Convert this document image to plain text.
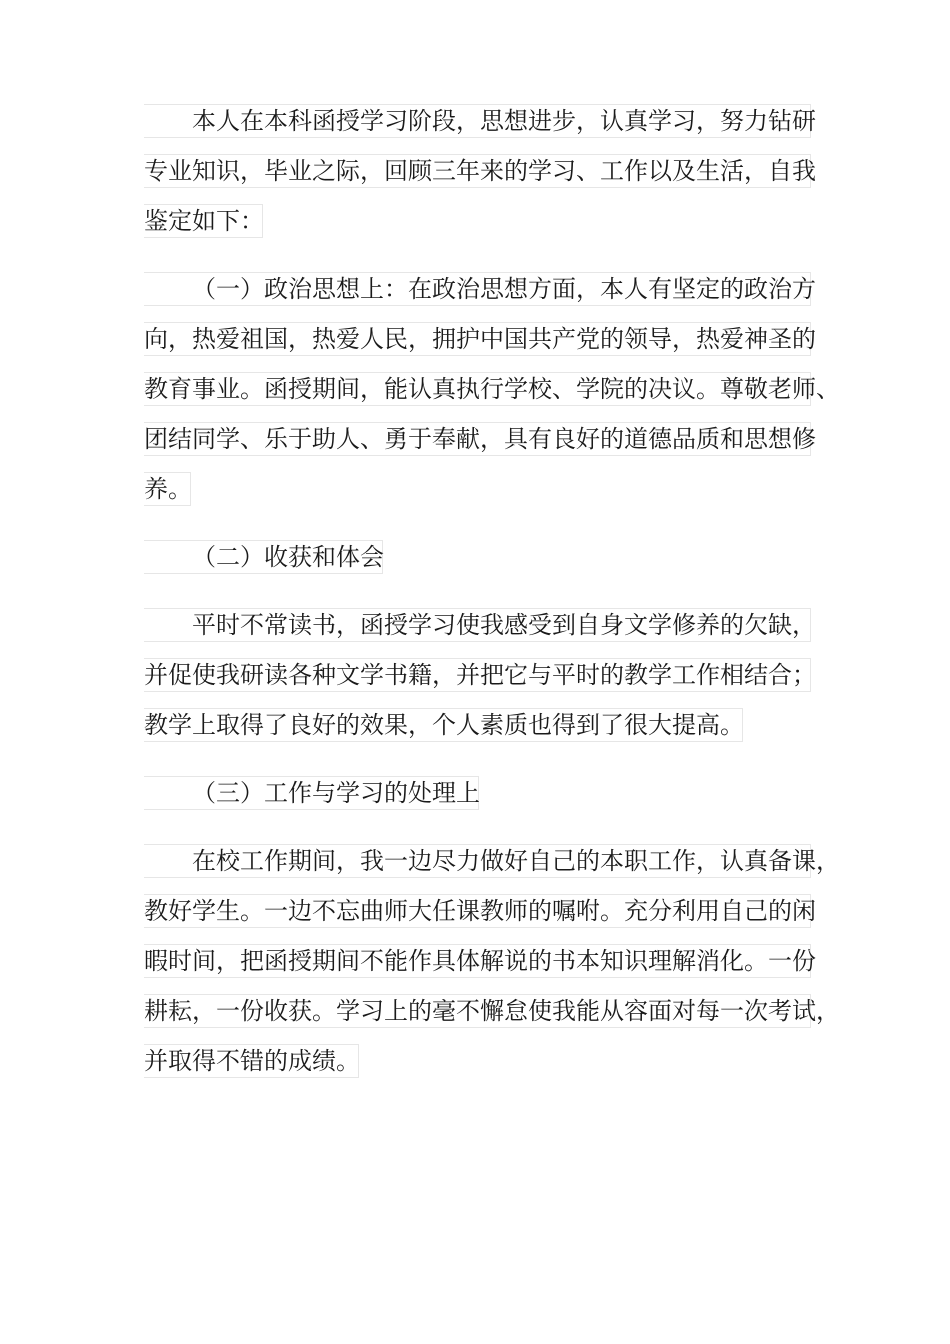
本人在本科函授学习阶段，思想进步，认真学习，努力钻研
专业知识，毕业之际，回顾三年来的学习、工作以及生活，自我
鉴定如下：
（一）政治思想上：在政治思想方面，本人有坚定的政治方
向，热爱祖国，热爱人民，拥护中国共产党的领导，热爱神圣的
教育事业。函授期间，能认真执行学校、学院的决议。尊敬老师、
团结同学、乐于助人、勇于奉献，具有良好的道德品质和思想修
养。
（二）收获和体会
平时不常读书，函授学习使我感受到自身文学修养的欠缺，
并促使我研读各种文学书籍，并把它与平时的教学工作相结合；
教学上取得了良好的效果，个人素质也得到了很大提高。
（三）工作与学习的处理上
在校工作期间，我一边尽力做好自己的本职工作，认真备课，
教好学生。一边不忘曲师大任课教师的嘱咐。充分利用自己的闲
暇时间，把函授期间不能作具体解说的书本知识理解消化。一份
耕耘，一份收获。学习上的毫不懈怠使我能从容面对每一次考试，
并取得不错的成绩。
